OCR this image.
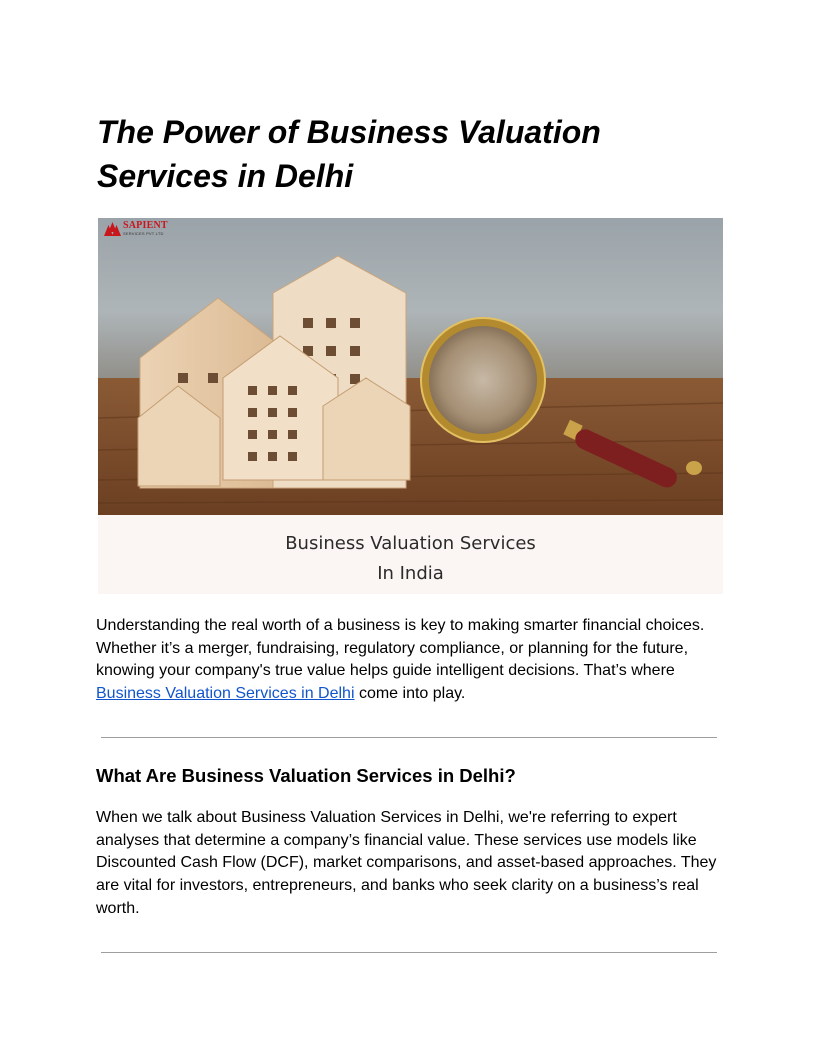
The Power of Business Valuation Services in Delhi
SAPIENT
SERVICES PVT LTD
Business Valuation Services
In India

Understanding the real worth of a business is key to making smarter financial choices. Whether it’s a merger, fundraising, regulatory compliance, or planning for the future, knowing your company's true value helps guide intelligent decisions. That’s where Business Valuation Services in Delhi come into play.

What Are Business Valuation Services in Delhi?

When we talk about Business Valuation Services in Delhi, we're referring to expert analyses that determine a company’s financial value. These services use models like Discounted Cash Flow (DCF), market comparisons, and asset-based approaches. They are vital for investors, entrepreneurs, and banks who seek clarity on a business’s real worth.
